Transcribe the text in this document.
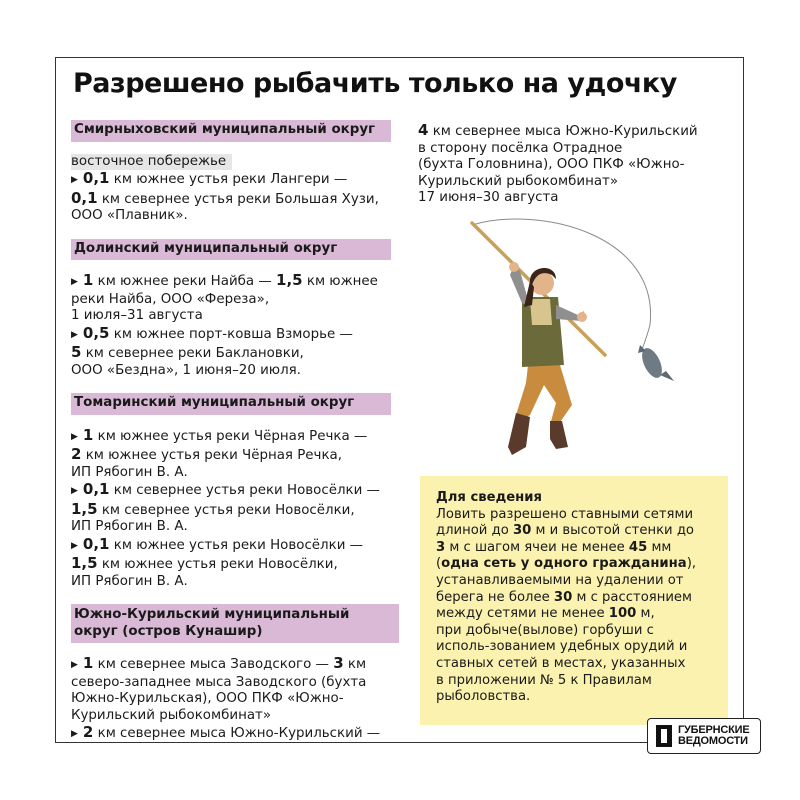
Разрешено рыбачить только на удочку
Смирныховский муниципальный округ
восточное побережье
▶ 0,1 км южнее устья реки Лангери —
0,1 км севернее устья реки Большая Хузи,
ООО «Плавник».
Долинский муниципальный округ
▶ 1 км южнее реки Найба — 1,5 км южнее
реки Найба, ООО «Фереза»,
1 июля–31 августа
▶ 0,5 км южнее порт-ковша Взморье —
5 км севернее реки Баклановки,
ООО «Бездна», 1 июня–20 июля.
Томаринский муниципальный округ
▶ 1 км южнее устья реки Чёрная Речка —
2 км южнее устья реки Чёрная Речка,
ИП Рябогин В. А.
▶ 0,1 км севернее устья реки Новосёлки —
1,5 км севернее устья реки Новосёлки,
ИП Рябогин В. А.
▶ 0,1 км южнее устья реки Новосёлки —
1,5 км южнее устья реки Новосёлки,
ИП Рябогин В. А.
Южно-Курильский муниципальный
округ (остров Кунашир)
▶ 1 км севернее мыса Заводского — 3 км
северо-западнее мыса Заводского (бухта
Южно-Курильская), ООО ПКФ «Южно-
Курильский рыбокомбинат»
▶ 2 км севернее мыса Южно-Курильский —
4 км севернее мыса Южно-Курильский
в сторону посёлка Отрадное
(бухта Головнина), ООО ПКФ «Южно-
Курильский рыбокомбинат»
17 июня–30 августа
Для сведения
Ловить разрешено ставными сетями
длиной до 30 м и высотой стенки до
3 м с шагом ячеи не менее 45 мм
(одна сеть у одного гражданина),
устанавливаемыми на удалении от
берега не более 30 м с расстоянием
между сетями не менее 100 м,
при добыче(вылове) горбуши с
исполь-зованием удебных орудий и
ставных сетей в местах, указанных
в приложении № 5 к Правилам
рыболовства.
ГУБЕРНСКИЕ
ВЕДОМОСТИ
